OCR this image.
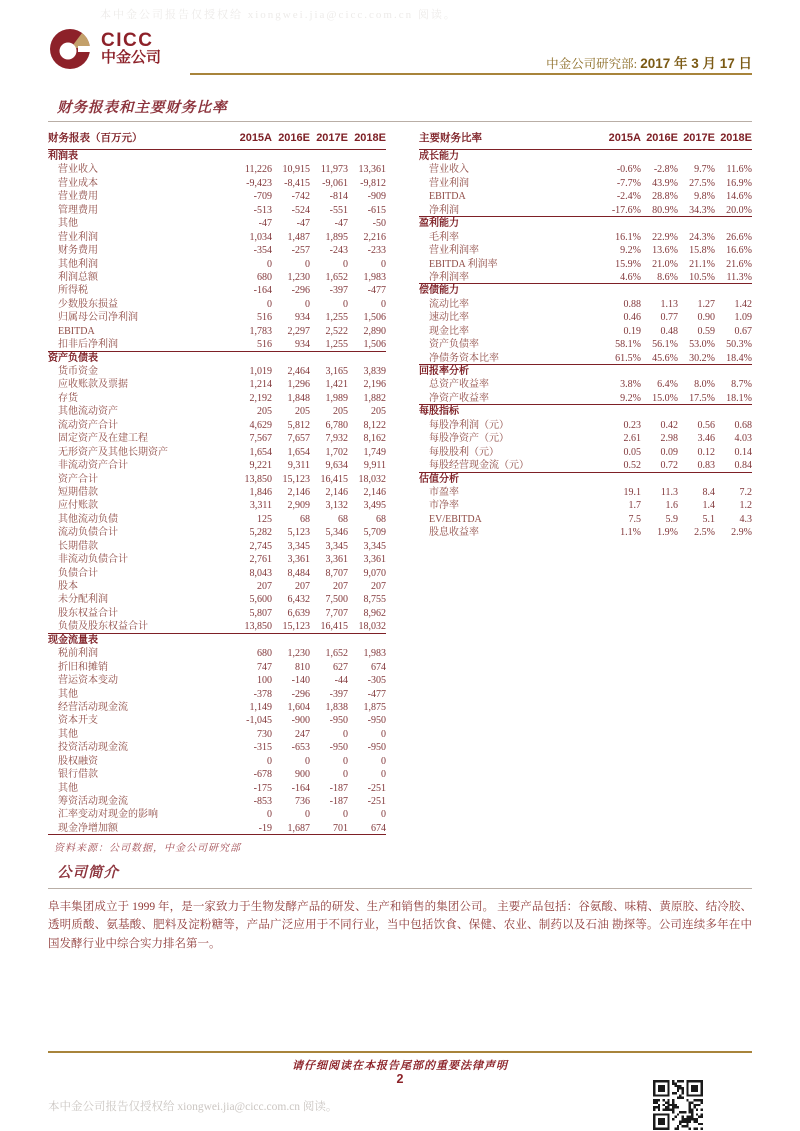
本中金公司报告仅授权给 xiongwei.jia@cicc.com.cn 阅读。
CICC
中金公司	中金公司研究部: 2017 年 3 月 17 日
财务报表和主要财务比率
财务报表（百万元）	2015A 2016E 2017E 2018E
利润表
营业收入	11,226	10,915	11,973	13,361
营业成本	-9,423	-8,415	-9,061	-9,812
营业费用	-709	-742	-814	-909
管理费用	-513	-524	-551	-615
其他	-47	-47	-47	-50
营业利润	1,034	1,487	1,895	2,216
财务费用	-354	-257	-243	-233
其他利润	0	0	0	0
利润总额	680	1,230	1,652	1,983
所得税	-164	-296	-397	-477
少数股东损益	0	0	0	0
归属母公司净利润	516	934	1,255	1,506
EBITDA	1,783	2,297	2,522	2,890
扣非后净利润	516	934	1,255	1,506
资产负债表
货币资金	1,019	2,464	3,165	3,839
应收账款及票据	1,214	1,296	1,421	2,196
存货	2,192	1,848	1,989	1,882
其他流动资产	205	205	205	205
流动资产合计	4,629	5,812	6,780	8,122
固定资产及在建工程	7,567	7,657	7,932	8,162
无形资产及其他长期资产	1,654	1,654	1,702	1,749
非流动资产合计	9,221	9,311	9,634	9,911
资产合计	13,850	15,123	16,415	18,032
短期借款	1,846	2,146	2,146	2,146
应付账款	3,311	2,909	3,132	3,495
其他流动负债	125	68	68	68
流动负债合计	5,282	5,123	5,346	5,709
长期借款	2,745	3,345	3,345	3,345
非流动负债合计	2,761	3,361	3,361	3,361
负债合计	8,043	8,484	8,707	9,070
股本	207	207	207	207
未分配利润	5,600	6,432	7,500	8,755
股东权益合计	5,807	6,639	7,707	8,962
负债及股东权益合计	13,850	15,123	16,415	18,032
现金流量表
税前利润	680	1,230	1,652	1,983
折旧和摊销	747	810	627	674
营运资本变动	100	-140	-44	-305
其他	-378	-296	-397	-477
经营活动现金流	1,149	1,604	1,838	1,875
资本开支	-1,045	-900	-950	-950
其他	730	247	0	0
投资活动现金流	-315	-653	-950	-950
股权融资	0	0	0	0
银行借款	-678	900	0	0
其他	-175	-164	-187	-251
筹资活动现金流	-853	736	-187	-251
汇率变动对现金的影响	0	0	0	0
现金净增加额	-19	1,687	701	674
资料来源：公司数据，中金公司研究部
主要财务比率	2015A 2016E 2017E 2018E
成长能力
营业收入	-0.6%	-2.8%	9.7%	11.6%
营业利润	-7.7%	43.9%	27.5%	16.9%
EBITDA	-2.4%	28.8%	9.8%	14.6%
净利润	-17.6%	80.9%	34.3%	20.0%
盈利能力
毛利率	16.1%	22.9%	24.3%	26.6%
营业利润率	9.2%	13.6%	15.8%	16.6%
EBITDA 利润率	15.9%	21.0%	21.1%	21.6%
净利润率	4.6%	8.6%	10.5%	11.3%
偿债能力
流动比率	0.88	1.13	1.27	1.42
速动比率	0.46	0.77	0.90	1.09
现金比率	0.19	0.48	0.59	0.67
资产负债率	58.1%	56.1%	53.0%	50.3%
净债务资本比率	61.5%	45.6%	30.2%	18.4%
回报率分析
总资产收益率	3.8%	6.4%	8.0%	8.7%
净资产收益率	9.2%	15.0%	17.5%	18.1%
每股指标
每股净利润（元）	0.23	0.42	0.56	0.68
每股净资产（元）	2.61	2.98	3.46	4.03
每股股利（元）	0.05	0.09	0.12	0.14
每股经营现金流（元）	0.52	0.72	0.83	0.84
估值分析
市盈率	19.1	11.3	8.4	7.2
市净率	1.7	1.6	1.4	1.2
EV/EBITDA	7.5	5.9	5.1	4.3
股息收益率	1.1%	1.9%	2.5%	2.9%
公司简介
阜丰集团成立于 1999 年，是一家致力于生物发酵产品的研发、生产和销售的集团公司。 主要产品包括：谷氨酸、味精、黄原胶、结冷胶、透明质酸、氨基酸、肥料及淀粉糖等，产品广泛应用于不同行业，当中包括饮食、保健、农业、制药以及石油 勘探等。公司连续多年在中国发酵行业中综合实力排名第一。
请仔细阅读在本报告尾部的重要法律声明
2
本中金公司报告仅授权给 xiongwei.jia@cicc.com.cn 阅读。
